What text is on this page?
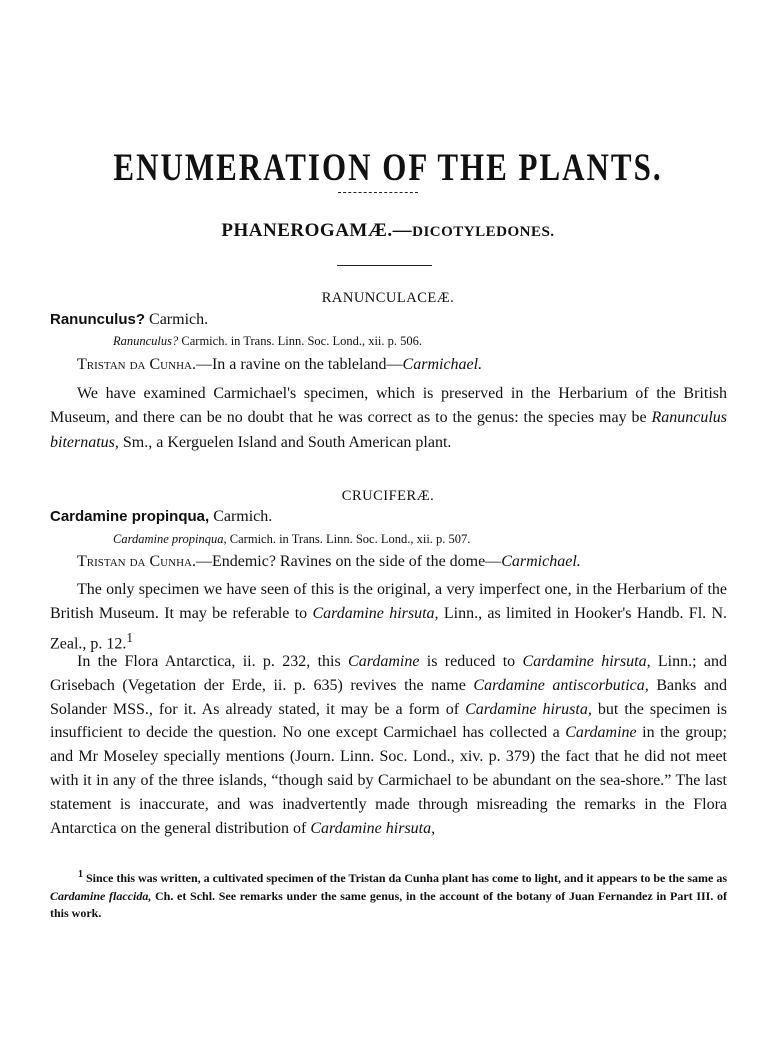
ENUMERATION OF THE PLANTS.
PHANEROGAMÆ.—DICOTYLEDONES.
RANUNCULACEÆ.
Ranunculus? Carmich.
Ranunculus? Carmich. in Trans. Linn. Soc. Lond., xii. p. 506.
Tristan da Cunha.—In a ravine on the tableland—Carmichael.

We have examined Carmichael's specimen, which is preserved in the Herbarium of the British Museum, and there can be no doubt that he was correct as to the genus: the species may be Ranunculus biternatus, Sm., a Kerguelen Island and South American plant.

CRUCIFERÆ.
Cardamine propinqua, Carmich.
Cardamine propinqua, Carmich. in Trans. Linn. Soc. Lond., xii. p. 507.
Tristan da Cunha.—Endemic? Ravines on the side of the dome—Carmichael.

The only specimen we have seen of this is the original, a very imperfect one, in the Herbarium of the British Museum. It may be referable to Cardamine hirsuta, Linn., as limited in Hooker's Handb. Fl. N. Zeal., p. 12.$^1$

In the Flora Antarctica, ii. p. 232, this Cardamine is reduced to Cardamine hirsuta, Linn.; and Grisebach (Vegetation der Erde, ii. p. 635) revives the name Cardamine antiscorbutica, Banks and Solander MSS., for it. As already stated, it may be a form of Cardamine hirusta, but the specimen is insufficient to decide the question. No one except Carmichael has collected a Cardamine in the group; and Mr Moseley specially mentions (Journ. Linn. Soc. Lond., xiv. p. 379) the fact that he did not meet with it in any of the three islands, “though said by Carmichael to be abundant on the sea-shore.” The last statement is inaccurate, and was inadvertently made through misreading the remarks in the Flora Antarctica on the general distribution of Cardamine hirsuta,

$^1$ Since this was written, a cultivated specimen of the Tristan da Cunha plant has come to light, and it appears to be the same as Cardamine flaccida, Ch. et Schl. See remarks under the same genus, in the account of the botany of Juan Fernandez in Part III. of this work.
